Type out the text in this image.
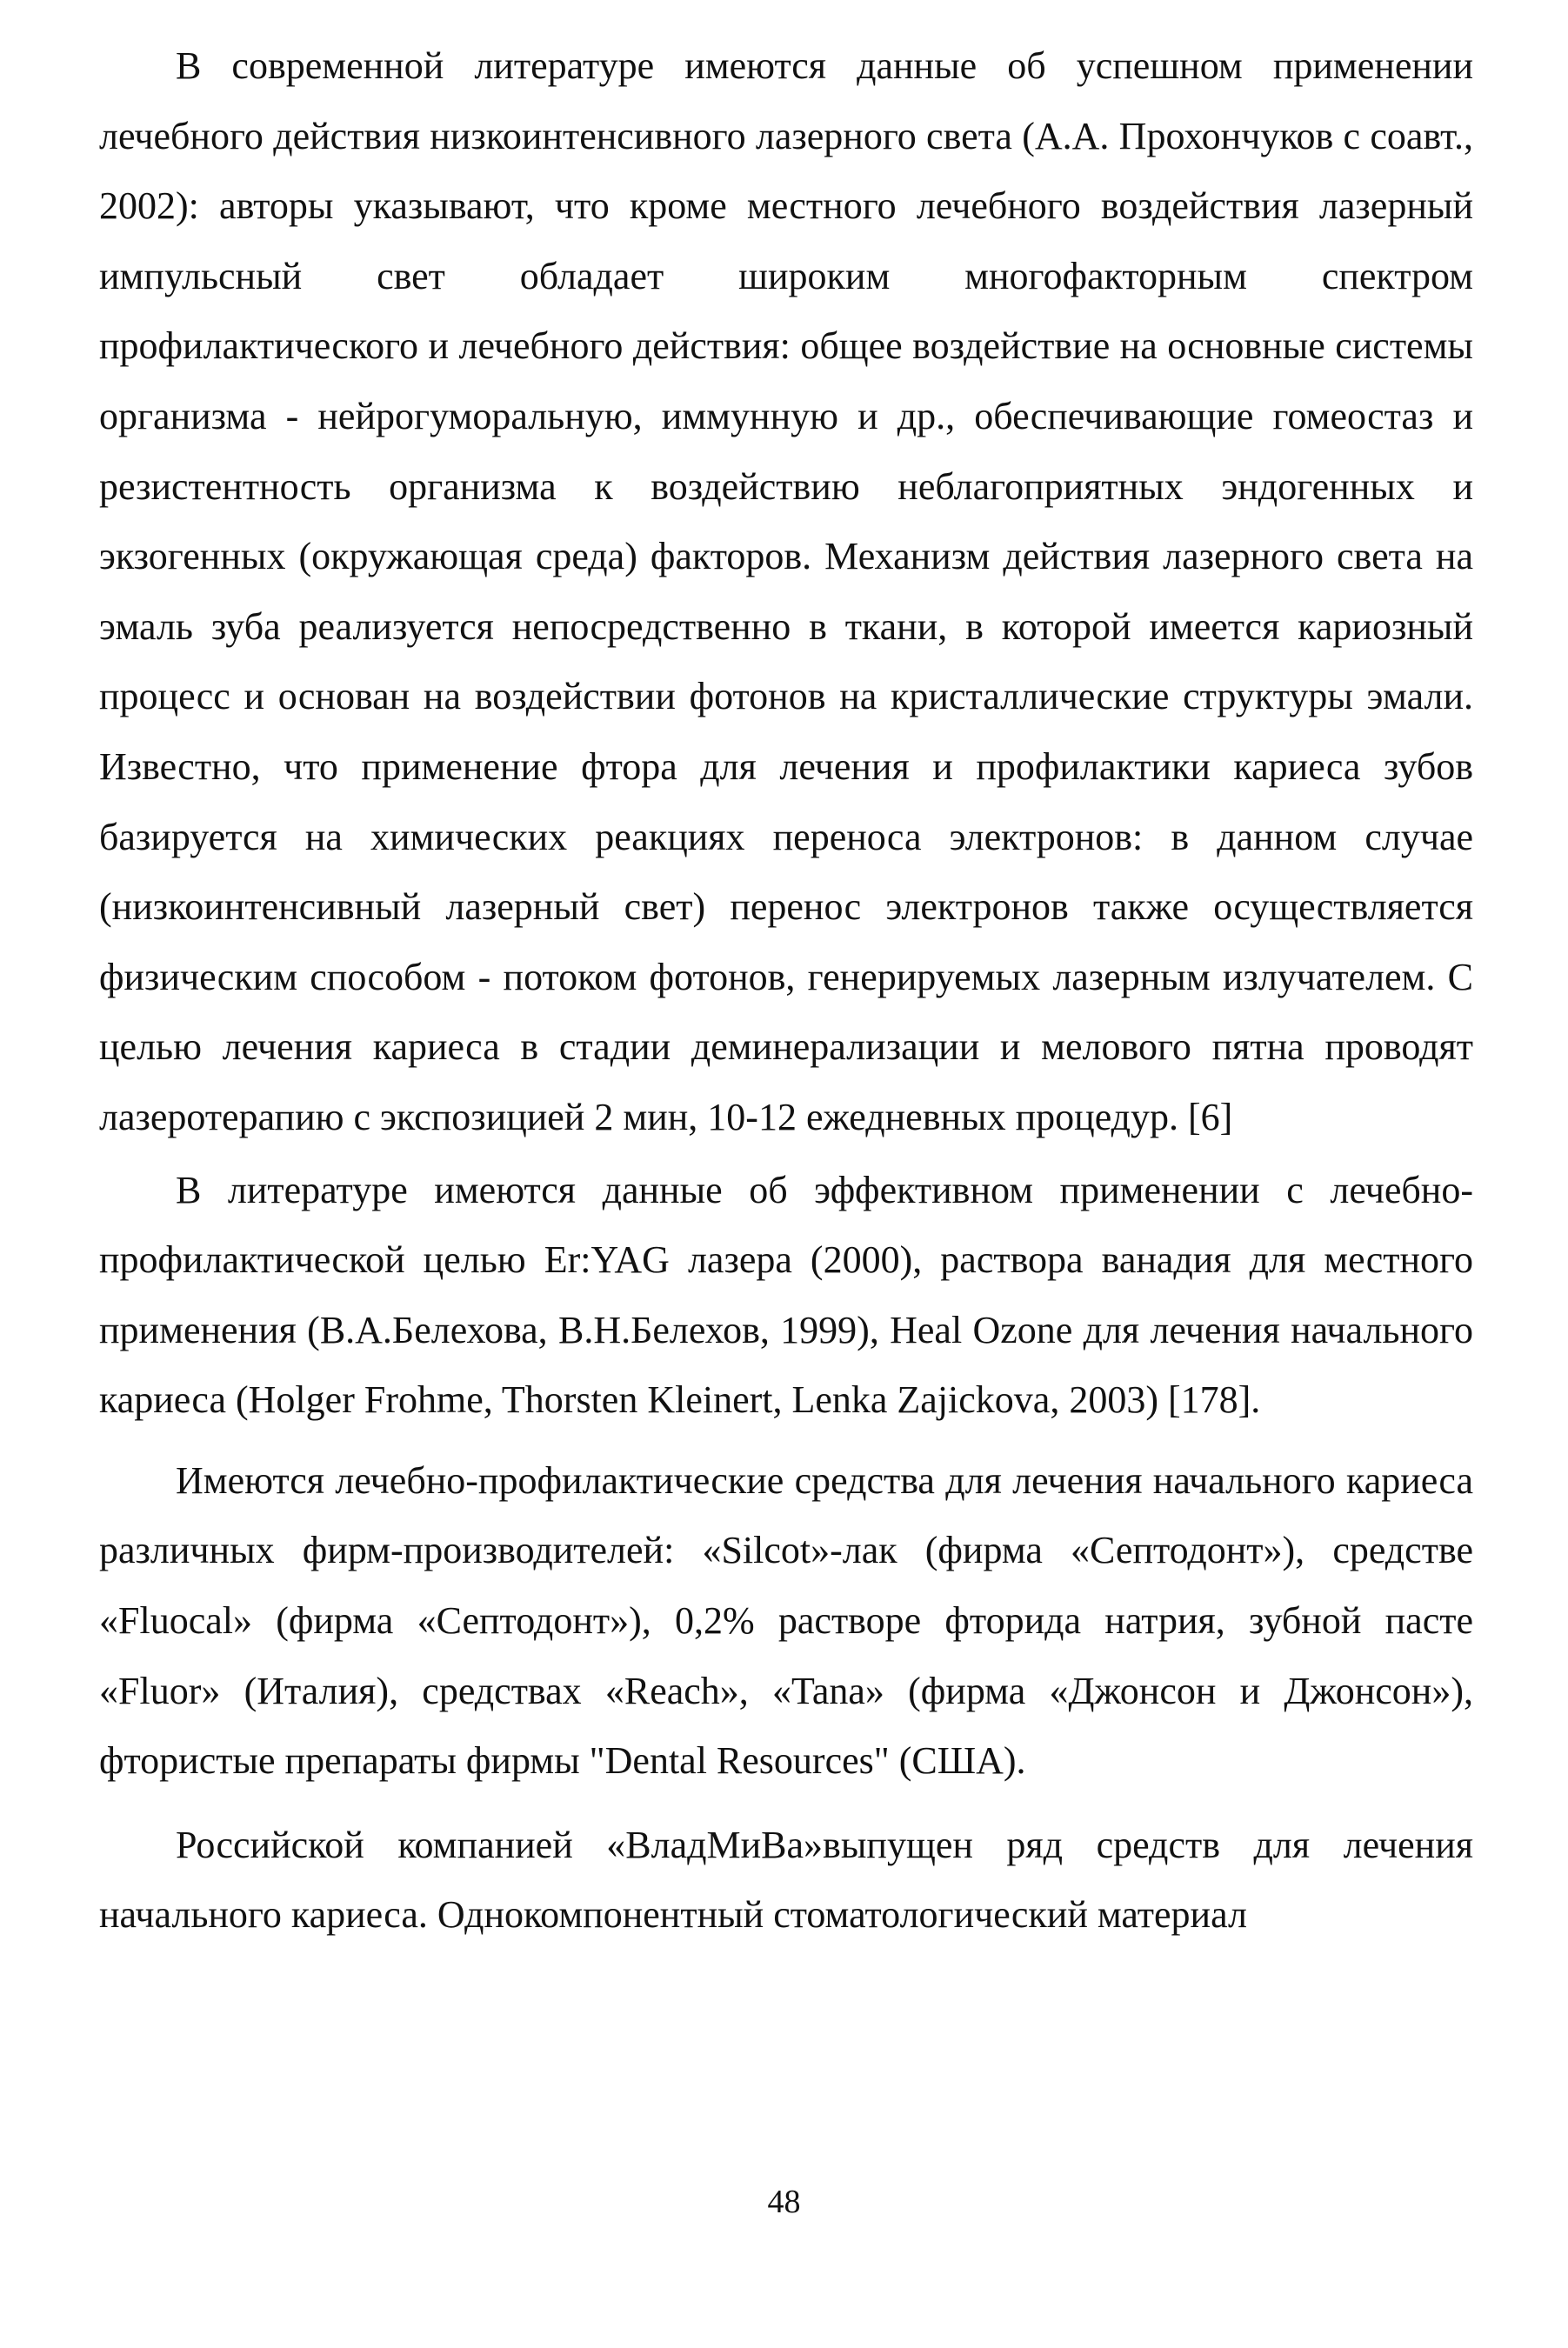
В современной литературе имеются данные об успешном применении лечебного действия низкоинтенсивного лазерного света (А.А. Прохончуков с соавт., 2002): авторы указывают, что кроме местного лечебного воздействия лазерный импульсный свет обладает широким многофакторным спектром профилактического и лечебного действия: общее воздействие на основные системы организма - нейрогуморальную, иммунную и др., обеспечивающие гомеостаз и резистентность организма к воздействию неблагоприятных эндогенных и экзогенных (окружающая среда) факторов. Механизм действия лазерного света на эмаль зуба реализуется непосредственно в ткани, в которой имеется кариозный процесс и основан на воздействии фотонов на кристаллические структуры эмали. Известно, что применение фтора для лечения и профилактики кариеса зубов базируется на химических реакциях переноса электронов: в данном случае (низкоинтенсивный лазерный свет) перенос электронов также осуществляется физическим способом - потоком фотонов, генерируемых лазерным излучателем. С целью лечения кариеса в стадии деминерализации и мелового пятна проводят лазеротерапию с экспозицией 2 мин, 10-12 ежедневных процедур. [6]

В литературе имеются данные об эффективном применении с лечебно-профилактической целью Er:YAG лазера (2000), раствора ванадия для местного применения (В.А.Белехова, В.Н.Белехов, 1999), Heal Ozone для лечения начального кариеса (Holger Frohme, Thorsten Kleinert, Lenka Zajickova, 2003) [178].

Имеются лечебно-профилактические средства для лечения начального кариеса различных фирм-производителей: «Silcot»-лак (фирма «Септодонт»), средстве «Fluocal» (фирма «Септодонт»), 0,2% растворе фторида натрия, зубной пасте «Fluor» (Италия), средствах «Reach», «Tana» (фирма «Джонсон и Джонсон»), фтористые препараты фирмы "Dental Resources" (США).

Российской компанией «ВладМиВа»выпущен ряд средств для лечения начального кариеса. Однокомпонентный стоматологический материал

48
